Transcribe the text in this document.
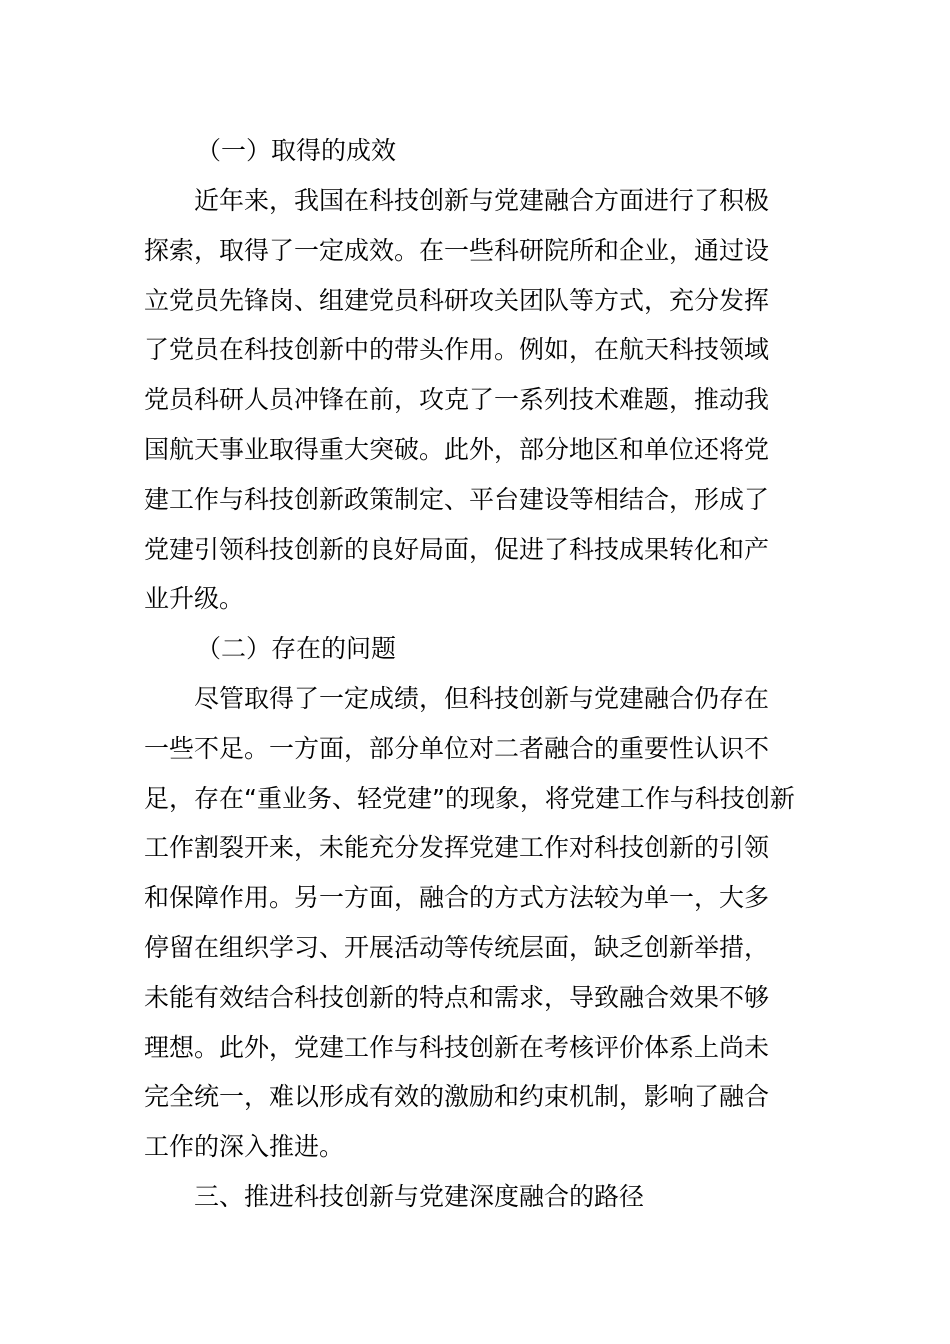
（一）取得的成效
近年来，我国在科技创新与党建融合方面进行了积极
探索，取得了一定成效。在一些科研院所和企业，通过设
立党员先锋岗、组建党员科研攻关团队等方式，充分发挥
了党员在科技创新中的带头作用。例如，在航天科技领域
党员科研人员冲锋在前，攻克了一系列技术难题，推动我
国航天事业取得重大突破。此外，部分地区和单位还将党
建工作与科技创新政策制定、平台建设等相结合，形成了
党建引领科技创新的良好局面，促进了科技成果转化和产
业升级。
（二）存在的问题
尽管取得了一定成绩，但科技创新与党建融合仍存在
一些不足。一方面，部分单位对二者融合的重要性认识不
足，存在“重业务、轻党建”的现象，将党建工作与科技创新
工作割裂开来，未能充分发挥党建工作对科技创新的引领
和保障作用。另一方面，融合的方式方法较为单一，大多
停留在组织学习、开展活动等传统层面，缺乏创新举措，
未能有效结合科技创新的特点和需求，导致融合效果不够
理想。此外，党建工作与科技创新在考核评价体系上尚未
完全统一，难以形成有效的激励和约束机制，影响了融合
工作的深入推进。
三、推进科技创新与党建深度融合的路径
